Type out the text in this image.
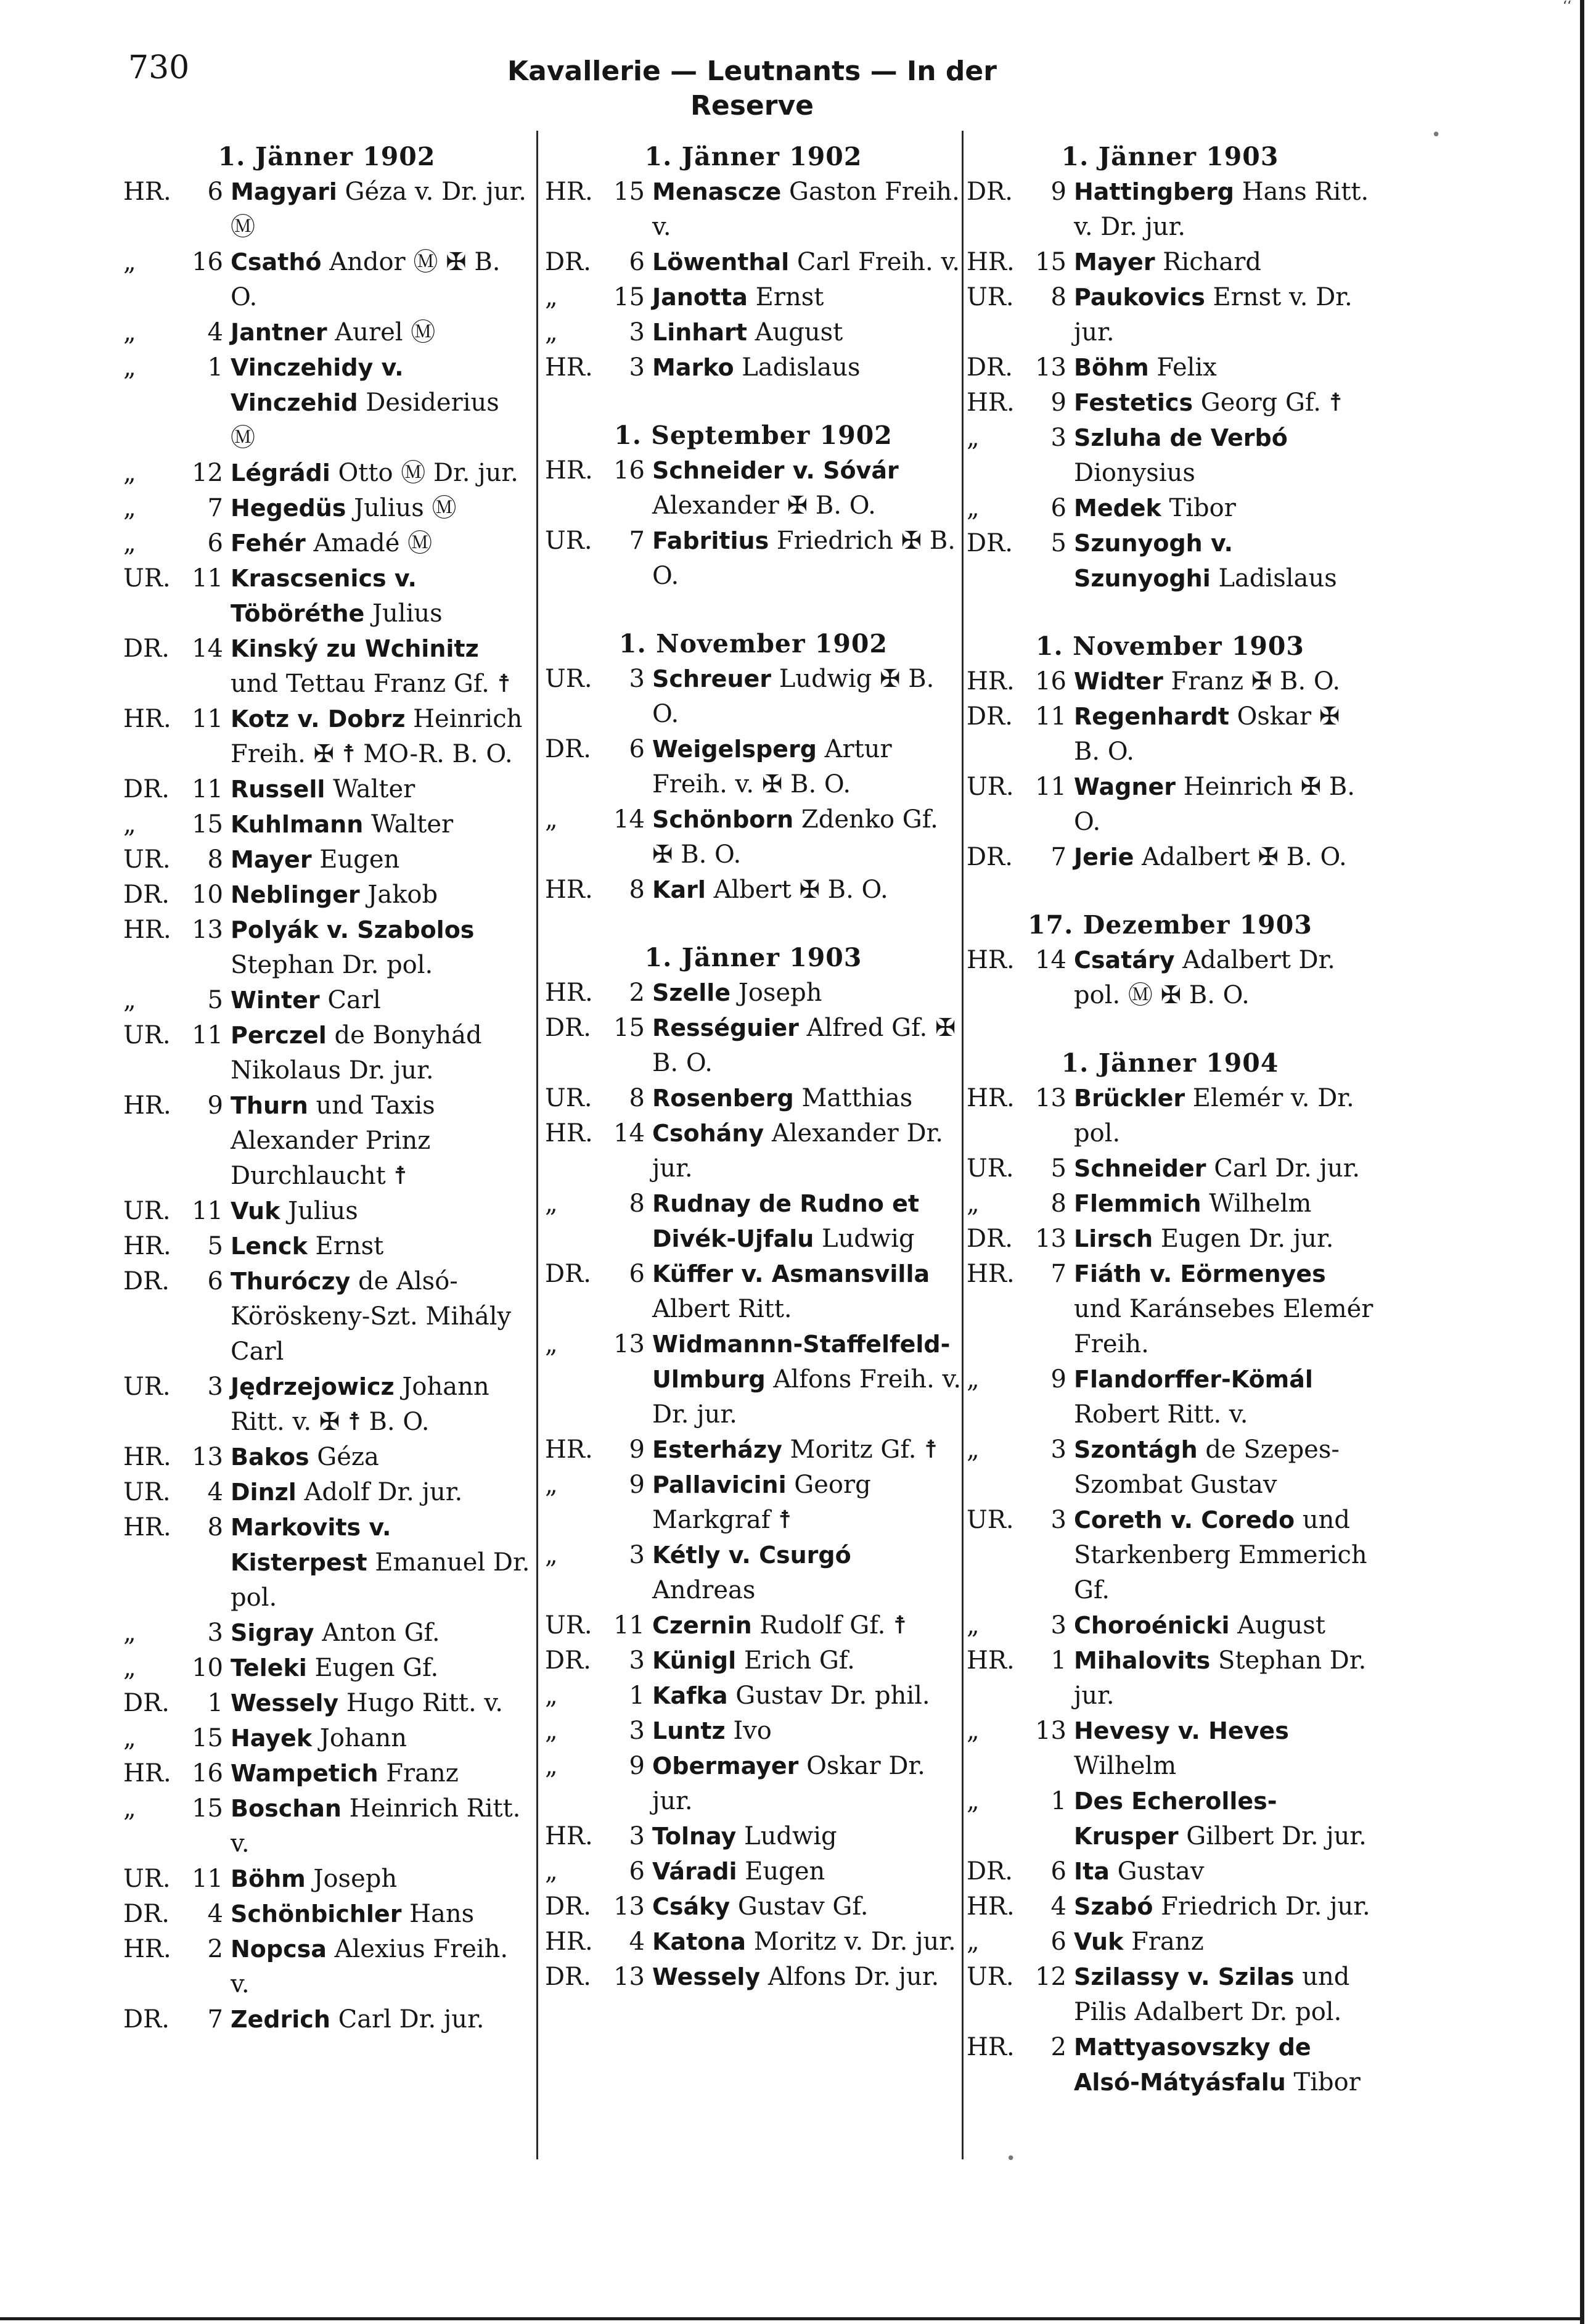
‘‘
730	Kavallerie — Leutnants — In der Reserve
1. Jänner 1902
HR.	6 Magyari Géza v. Dr. jur. Ⓜ
„	16 Csathó Andor Ⓜ ✠ B. O.
„	4 Jantner Aurel Ⓜ
„	1 Vinczehidy v. Vinczehid Desiderius Ⓜ
„	12 Légrádi Otto Ⓜ Dr. jur.
„	7 Hegedüs Julius Ⓜ
„	6 Fehér Amadé Ⓜ
UR. 11 Krascsenics v. Töböréthe Julius
DR. 14 Kinský zu Wchinitz und Tettau Franz Gf. ☨
HR. 11 Kotz v. Dobrz Heinrich Freih. ✠ ☨ MO-R. B. O.
DR. 11 Russell Walter
„	15 Kuhlmann Walter
UR.	8 Mayer Eugen
DR. 10 Neblinger Jakob
HR. 13 Polyák v. Szabolos Stephan Dr. pol.
„	5 Winter Carl
UR. 11 Perczel de Bonyhád Nikolaus Dr. jur.
HR.	9 Thurn und Taxis Alexander Prinz Durchlaucht ☨
UR. 11 Vuk Julius
HR.	5 Lenck Ernst
DR.	6 Thuróczy de Alsó-Köröskeny-Szt. Mihály Carl
UR.	3 Jędrzejowicz Johann Ritt. v. ✠ ☨ B. O.
HR. 13 Bakos Géza
UR.	4 Dinzl Adolf Dr. jur.
HR.	8 Markovits v. Kisterpest Emanuel Dr. pol.
„	3 Sigray Anton Gf.
„	10 Teleki Eugen Gf.
DR.	1 Wessely Hugo Ritt. v.
„	15 Hayek Johann
HR. 16 Wampetich Franz
„	15 Boschan Heinrich Ritt. v.
UR. 11 Böhm Joseph
DR.	4 Schönbichler Hans
HR.	2 Nopcsa Alexius Freih. v.
DR.	7 Zedrich Carl Dr. jur.
1. Jänner 1902
HR. 15 Menascze Gaston Freih. v.
DR.	6 Löwenthal Carl Freih. v.
„	15 Janotta Ernst
„	3 Linhart August
HR.	3 Marko Ladislaus
1. September 1902
HR. 16 Schneider v. Sóvár Alexander ✠ B. O.
UR.	7 Fabritius Friedrich ✠ B. O.
1. November 1902
UR.	3 Schreuer Ludwig ✠ B. O.
DR.	6 Weigelsperg Artur Freih. v. ✠ B. O.
„	14 Schönborn Zdenko Gf. ✠ B. O.
HR.	8 Karl Albert ✠ B. O.
1. Jänner 1903
HR.	2 Szelle Joseph
DR. 15 Rességuier Alfred Gf. ✠ B. O.
UR.	8 Rosenberg Matthias
HR. 14 Csohány Alexander Dr. jur.
„	8 Rudnay de Rudno et Divék-Ujfalu Ludwig
DR.	6 Küffer v. Asmansvilla Albert Ritt.
„	13 Widmannn-Staffelfeld-Ulmburg Alfons Freih. v. Dr. jur.
HR.	9 Esterházy Moritz Gf. ☨
„	9 Pallavicini Georg Markgraf ☨
„	3 Kétly v. Csurgó Andreas
UR. 11 Czernin Rudolf Gf. ☨
DR.	3 Künigl Erich Gf.
„	1 Kafka Gustav Dr. phil.
„	3 Luntz Ivo
„	9 Obermayer Oskar Dr. jur.
HR.	3 Tolnay Ludwig
„	6 Váradi Eugen
DR. 13 Csáky Gustav Gf.
HR.	4 Katona Moritz v. Dr. jur.
DR. 13 Wessely Alfons Dr. jur.
1. Jänner 1903
DR.	9 Hattingberg Hans Ritt. v. Dr. jur.
HR. 15 Mayer Richard
UR.	8 Paukovics Ernst v. Dr. jur.
DR. 13 Böhm Felix
HR.	9 Festetics Georg Gf. ☨
„	3 Szluha de Verbó Dionysius
„	6 Medek Tibor
DR.	5 Szunyogh v. Szunyoghi Ladislaus
1. November 1903
HR. 16 Widter Franz ✠ B. O.
DR. 11 Regenhardt Oskar ✠ B. O.
UR. 11 Wagner Heinrich ✠ B. O.
DR.	7 Jerie Adalbert ✠ B. O.
17. Dezember 1903
HR. 14 Csatáry Adalbert Dr. pol. Ⓜ ✠ B. O.
1. Jänner 1904
HR. 13 Brückler Elemér v. Dr. pol.
UR.	5 Schneider Carl Dr. jur.
„	8 Flemmich Wilhelm
DR. 13 Lirsch Eugen Dr. jur.
HR.	7 Fiáth v. Eörmenyes und Karánsebes Elemér Freih.
„	9 Flandorffer-Kömál Robert Ritt. v.
„	3 Szontágh de Szepes-Szombat Gustav
UR.	3 Coreth v. Coredo und Starkenberg Emmerich Gf.
„	3 Choroénicki August
HR.	1 Mihalovits Stephan Dr. jur.
„	13 Hevesy v. Heves Wilhelm
„	1 Des Echerolles-Krusper Gilbert Dr. jur.
DR.	6 Ita Gustav
HR.	4 Szabó Friedrich Dr. jur.
„	6 Vuk Franz
UR. 12 Szilassy v. Szilas und Pilis Adalbert Dr. pol.
HR.	2 Mattyasovszky de Alsó-Mátyásfalu Tibor
•
•
